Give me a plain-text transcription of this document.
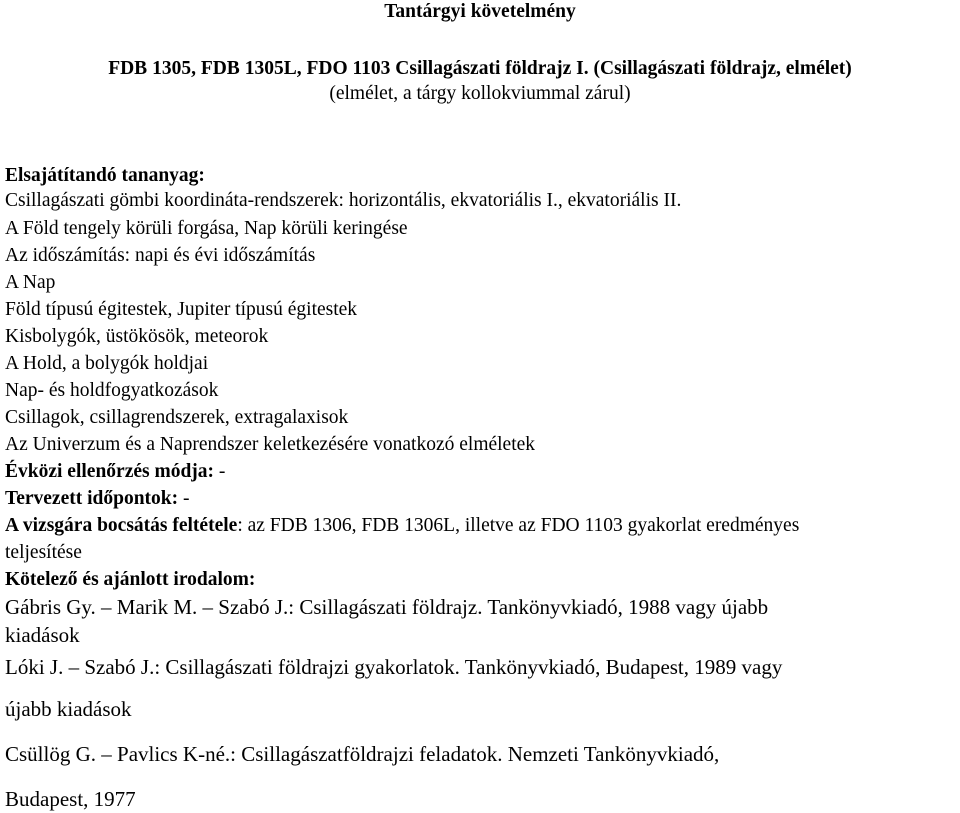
Tantárgyi követelmény
FDB 1305, FDB 1305L, FDO 1103 Csillagászati földrajz I. (Csillagászati földrajz, elmélet)
(elmélet, a tárgy kollokviummal zárul)
Elsajátítandó tananyag:
Csillagászati gömbi koordináta-rendszerek: horizontális, ekvatoriális I., ekvatoriális II.
A Föld tengely körüli forgása, Nap körüli keringése
Az időszámítás: napi és évi időszámítás
A Nap
Föld típusú égitestek, Jupiter típusú égitestek
Kisbolygók, üstökösök, meteorok
A Hold, a bolygók holdjai
Nap- és holdfogyatkozások
Csillagok, csillagrendszerek, extragalaxisok
Az Univerzum és a Naprendszer keletkezésére vonatkozó elméletek
Évközi ellenőrzés módja: -
Tervezett időpontok: -
A vizsgára bocsátás feltétele: az FDB 1306, FDB 1306L, illetve az FDO 1103 gyakorlat eredményes
teljesítése
Kötelező és ajánlott irodalom:
Gábris Gy. – Marik M. – Szabó J.: Csillagászati földrajz. Tankönyvkiadó, 1988 vagy újabb
kiadások
Lóki J. – Szabó J.: Csillagászati földrajzi gyakorlatok. Tankönyvkiadó, Budapest, 1989 vagy
újabb kiadások
Csüllög G. – Pavlics K-né.: Csillagászatföldrajzi feladatok. Nemzeti Tankönyvkiadó,
Budapest, 1977
